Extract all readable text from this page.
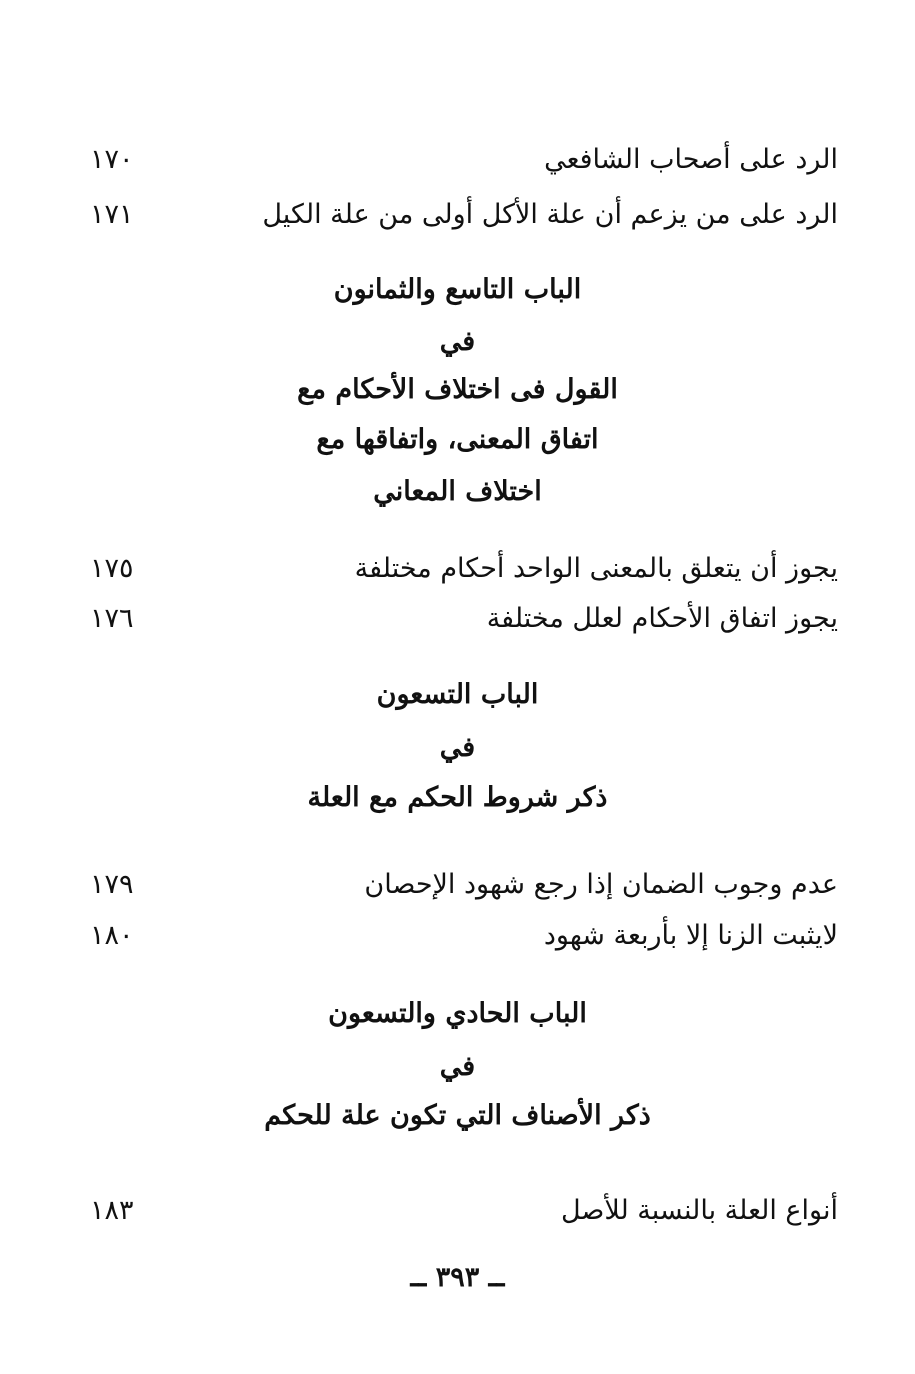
الرد على أصحاب الشافعي
١٧٠
الرد على من يزعم أن علة الأكل أولى من علة الكيل
١٧١
الباب التاسع والثمانون
في
القول فى اختلاف الأحكام مع
اتفاق المعنى، واتفاقها مع
اختلاف المعاني
يجوز أن يتعلق بالمعنى الواحد أحكام مختلفة
١٧٥
يجوز اتفاق الأحكام لعلل مختلفة
١٧٦
الباب التسعون
في
ذكر شروط الحكم مع العلة
عدم وجوب الضمان إذا رجع شهود الإحصان
١٧٩
لايثبت الزنا إلا بأربعة شهود
١٨٠
الباب الحادي والتسعون
في
ذكر الأصناف التي تكون علة للحكم
أنواع العلة بالنسبة للأصل
١٨٣
ــ ٣٩٣ ــ
